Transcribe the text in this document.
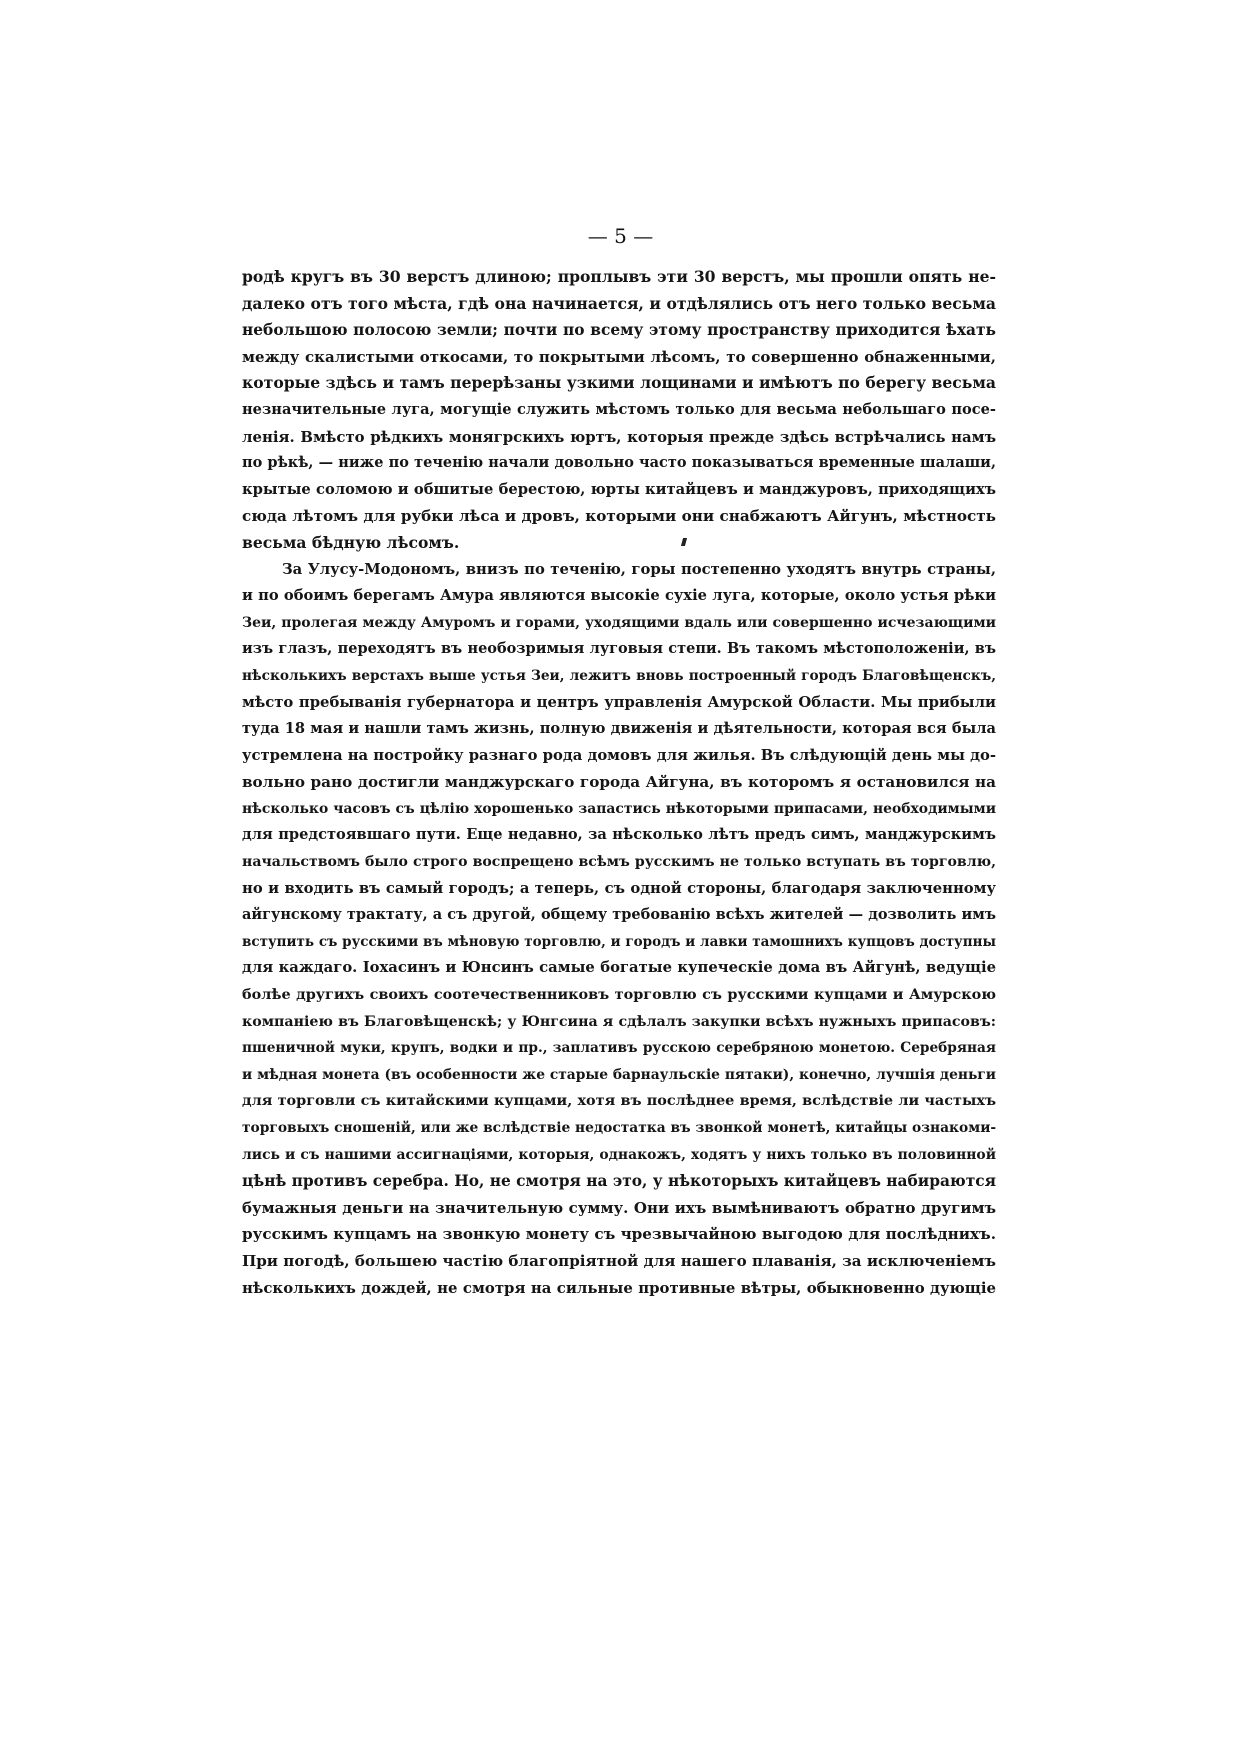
— 5 —
родѣ кругъ въ 30 верстъ длиною; проплывъ эти 30 верстъ, мы прошли опять не-
далеко отъ того мѣста, гдѣ она начинается, и отдѣлялись отъ него только весьма
небольшою полосою земли; почти по всему этому пространству приходится ѣхать
между скалистыми откосами, то покрытыми лѣсомъ, то совершенно обнаженными,
которые здѣсь и тамъ перерѣзаны узкими лощинами и имѣютъ по берегу весьма
незначительные луга, могущіе служить мѣстомъ только для весьма небольшаго посе-
ленія. Вмѣсто рѣдкихъ монягрскихъ юртъ, которыя прежде здѣсь встрѣчались намъ
по рѣкѣ, — ниже по теченію начали довольно часто показываться временные шалаши,
крытые соломою и обшитые берестою, юрты китайцевъ и манджуровъ, приходящихъ
сюда лѣтомъ для рубки лѣса и дровъ, которыми они снабжаютъ Айгунъ, мѣстность
весьма бѣдную лѣсомъ.
За Улусу-Модономъ, внизъ по теченію, горы постепенно уходятъ внутрь страны,
и по обоимъ берегамъ Амура являются высокіе сухіе луга, которые, около устья рѣки
Зеи, пролегая между Амуромъ и горами, уходящими вдаль или совершенно исчезающими
изъ глазъ, переходятъ въ необозримыя луговыя степи. Въ такомъ мѣстоположеніи, въ
нѣсколькихъ верстахъ выше устья Зеи, лежитъ вновь построенный городъ Благовѣщенскъ,
мѣсто пребыванія губернатора и центръ управленія Амурской Области. Мы прибыли
туда 18 мая и нашли тамъ жизнь, полную движенія и дѣятельности, которая вся была
устремлена на постройку разнаго рода домовъ для жилья. Въ слѣдующій день мы до-
вольно рано достигли манджурскаго города Айгуна, въ которомъ я остановился на
нѣсколько часовъ съ цѣлію хорошенько запастись нѣкоторыми припасами, необходимыми
для предстоявшаго пути. Еще недавно, за нѣсколько лѣтъ предъ симъ, манджурскимъ
начальствомъ было строго воспрещено всѣмъ русскимъ не только вступать въ торговлю,
но и входить въ самый городъ; а теперь, съ одной стороны, благодаря заключенному
айгунскому трактату, а съ другой, общему требованію всѣхъ жителей — дозволить имъ
вступить съ русскими въ мѣновую торговлю, и городъ и лавки тамошнихъ купцовъ доступны
для каждаго. Іохасинъ и Юнсинъ самые богатые купеческіе дома въ Айгунѣ, ведущіе
болѣе другихъ своихъ соотечественниковъ торговлю съ русскими купцами и Амурскою
компаніею въ Благовѣщенскѣ; у Юнгсина я сдѣлалъ закупки всѣхъ нужныхъ припасовъ:
пшеничной муки, крупъ, водки и пр., заплативъ русскою серебряною монетою. Серебряная
и мѣдная монета (въ особенности же старые барнаульскіе пятаки), конечно, лучшія деньги
для торговли съ китайскими купцами, хотя въ послѣднее время, вслѣдствіе ли частыхъ
торговыхъ сношеній, или же вслѣдствіе недостатка въ звонкой монетѣ, китайцы ознакоми-
лись и съ нашими ассигнаціями, которыя, однакожъ, ходятъ у нихъ только въ половинной
цѣнѣ противъ серебра. Но, не смотря на это, у нѣкоторыхъ китайцевъ набираются
бумажныя деньги на значительную сумму. Они ихъ вымѣниваютъ обратно другимъ
русскимъ купцамъ на звонкую монету съ чрезвычайною выгодою для послѣднихъ.
При погодѣ, большею частію благопріятной для нашего плаванія, за исключеніемъ
нѣсколькихъ дождей, не смотря на сильные противные вѣтры, обыкновенно дующіе
